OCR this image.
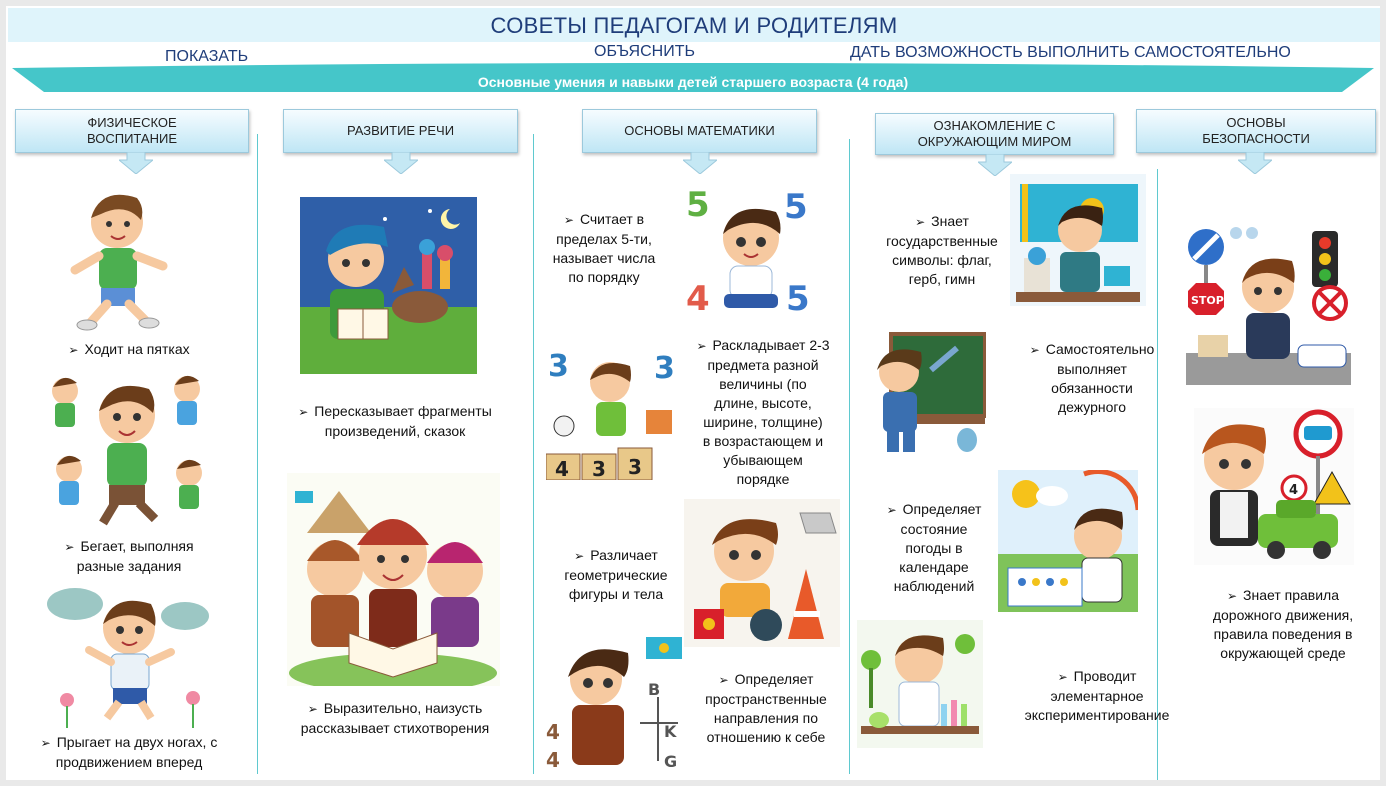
СОВЕТЫ ПЕДАГОГАМ И РОДИТЕЛЯМ
ПОКАЗАТЬ	ОБЪЯСНИТЬ	ДАТЬ ВОЗМОЖНОСТЬ ВЫПОЛНИТЬ САМОСТОЯТЕЛЬНО
Основные умения и навыки детей старшего возраста (4 года)
ФИЗИЧЕСКОЕ
ВОСПИТАНИЕ
РАЗВИТИЕ РЕЧИ	ОСНОВЫ МАТЕМАТИКИ	ОЗНАКОМЛЕНИЕ С
ОКРУЖАЮЩИМ МИРОМ
ОСНОВЫ
БЕЗОПАСНОСТИ
➢ Ходит на пятках
➢ Бегает, выполняя
разные задания
➢ Прыгает на двух ногах, с
продвижением вперед
➢ Пересказывает фрагменты
произведений, сказок
➢ Выразительно, наизусть
рассказывает стихотворения
➢ Считает в
пределах 5-ти,
называет числа
по порядку
5 5
4 5
3	3
4 3 3
➢ Раскладывает 2-3
предмета разной
величины (по
длине, высоте,
ширине, толщине)
в возрастающем и
убывающем
порядке
➢ Различает
геометрические
фигуры и тела
4
4
B
K
G
➢ Определяет
пространственные
направления по
отношению к себе
➢ Знает
государственные
символы: флаг,
герб, гимн
➢ Самостоятельно
выполняет
обязанности
дежурного
➢ Определяет
состояние
погоды в
календаре
наблюдений
➢ Проводит
элементарное
экспериментирование
STOP
4
➢ Знает правила
дорожного движения,
правила поведения в
окружающей среде
